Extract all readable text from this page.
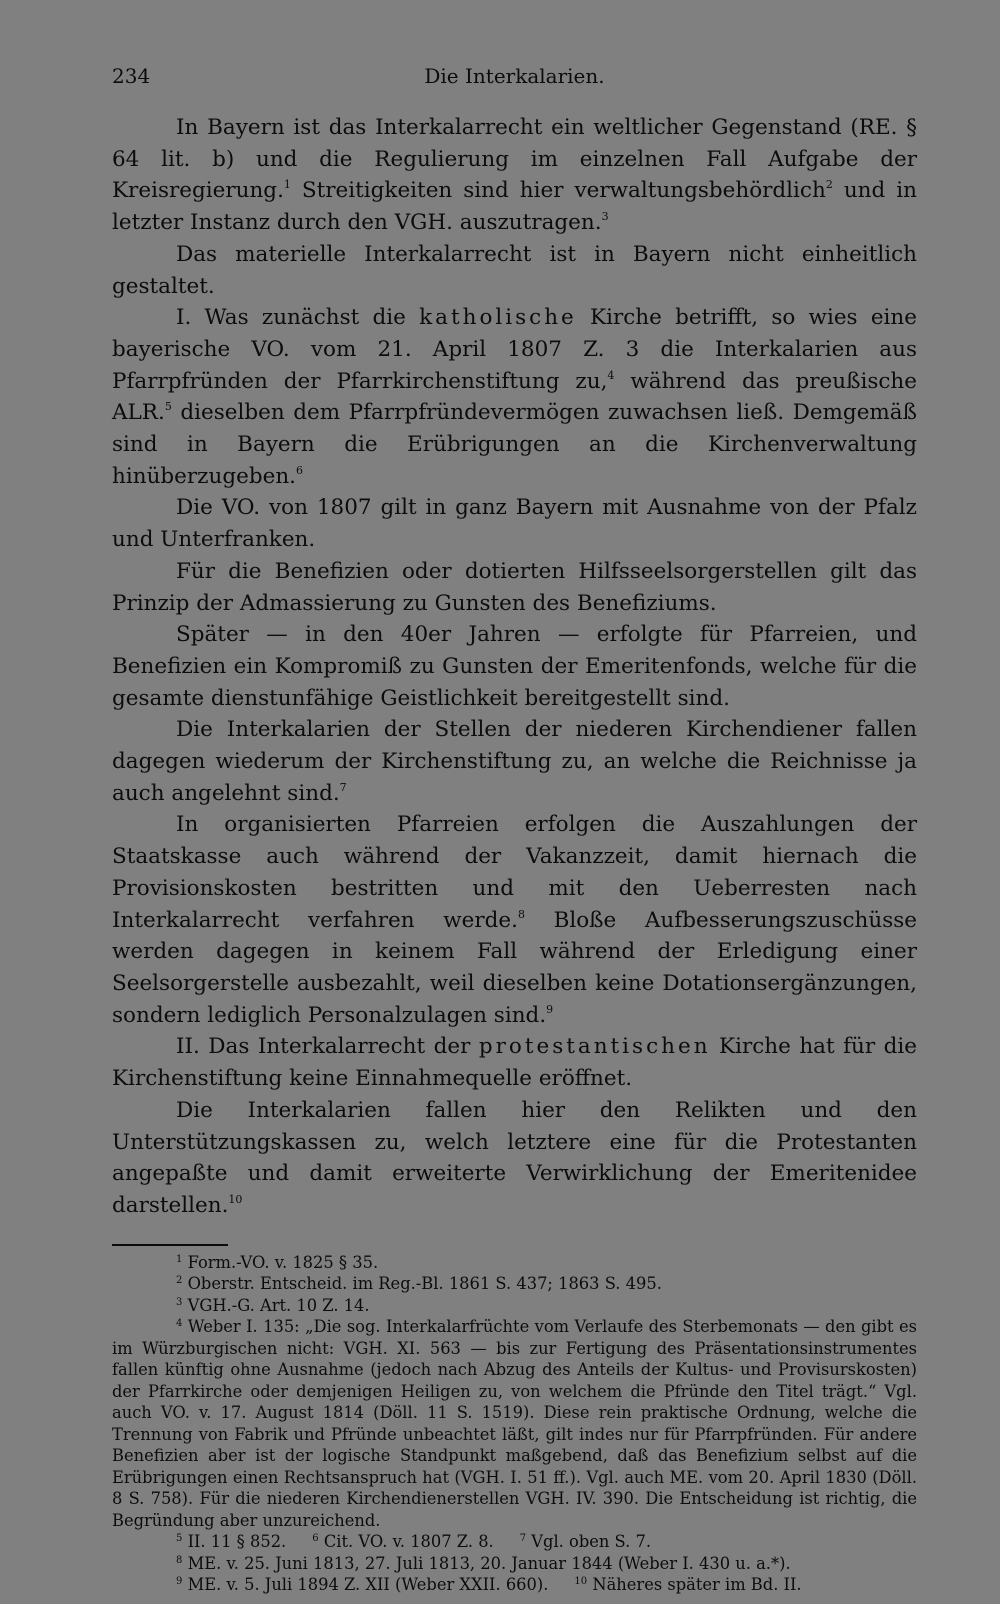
234	Die Interkalarien.

In Bayern ist das Interkalarrecht ein weltlicher Gegenstand (RE. § 64 lit. b) und die Regulierung im einzelnen Fall Aufgabe der Kreisregierung.$^1$ Streitigkeiten sind hier verwaltungsbehördlich$^2$ und in letzter Instanz durch den VGH. auszutragen.$^3$

Das materielle Interkalarrecht ist in Bayern nicht einheitlich gestaltet.

I. Was zunächst die katholische Kirche betrifft, so wies eine bayerische VO. vom 21. April 1807 Z. 3 die Interkalarien aus Pfarrpfründen der Pfarrkirchenstiftung zu,$^4$ während das preußische ALR.$^5$ dieselben dem Pfarrpfründevermögen zuwachsen ließ. Demgemäß sind in Bayern die Erübrigungen an die Kirchenverwaltung hinüberzugeben.$^6$

Die VO. von 1807 gilt in ganz Bayern mit Ausnahme von der Pfalz und Unterfranken.

Für die Benefizien oder dotierten Hilfsseelsorgerstellen gilt das Prinzip der Admassierung zu Gunsten des Benefiziums.

Später — in den 40er Jahren — erfolgte für Pfarreien, und Benefizien ein Kompromiß zu Gunsten der Emeritenfonds, welche für die gesamte dienstunfähige Geistlichkeit bereitgestellt sind.

Die Interkalarien der Stellen der niederen Kirchendiener fallen dagegen wiederum der Kirchenstiftung zu, an welche die Reichnisse ja auch angelehnt sind.$^7$

In organisierten Pfarreien erfolgen die Auszahlungen der Staatskasse auch während der Vakanzzeit, damit hiernach die Provisionskosten bestritten und mit den Ueberresten nach Interkalarrecht verfahren werde.$^8$ Bloße Aufbesserungszuschüsse werden dagegen in keinem Fall während der Erledigung einer Seelsorgerstelle ausbezahlt, weil dieselben keine Dotationsergänzungen, sondern lediglich Personalzulagen sind.$^9$

II. Das Interkalarrecht der protestantischen Kirche hat für die Kirchenstiftung keine Einnahmequelle eröffnet.

Die Interkalarien fallen hier den Relikten und den Unterstützungskassen zu, welch letztere eine für die Protestanten angepaßte und damit erweiterte Verwirklichung der Emeritenidee darstellen.$^{10}$

$^1$ Form.-VO. v. 1825 § 35.

$^2$ Oberstr. Entscheid. im Reg.-Bl. 1861 S. 437; 1863 S. 495.

$^3$ VGH.-G. Art. 10 Z. 14.

$^4$ Weber I. 135: „Die sog. Interkalarfrüchte vom Verlaufe des Sterbemonats — den gibt es im Würzburgischen nicht: VGH. XI. 563 — bis zur Fertigung des Präsentationsinstrumentes fallen künftig ohne Ausnahme (jedoch nach Abzug des Anteils der Kultus- und Provisurskosten) der Pfarrkirche oder demjenigen Heiligen zu, von welchem die Pfründe den Titel trägt.“ Vgl. auch VO. v. 17. August 1814 (Döll. 11 S. 1519). Diese rein praktische Ordnung, welche die Trennung von Fabrik und Pfründe unbeachtet läßt, gilt indes nur für Pfarrpfründen. Für andere Benefizien aber ist der logische Standpunkt maßgebend, daß das Benefizium selbst auf die Erübrigungen einen Rechtsanspruch hat (VGH. I. 51 ff.). Vgl. auch ME. vom 20. April 1830 (Döll. 8 S. 758). Für die niederen Kirchendienerstellen VGH. IV. 390. Die Entscheidung ist richtig, die Begründung aber unzureichend.

$^5$ II. 11 § 852.	$^6$ Cit. VO. v. 1807 Z. 8.	$^7$ Vgl. oben S. 7.

$^8$ ME. v. 25. Juni 1813, 27. Juli 1813, 20. Januar 1844 (Weber I. 430 u. a.*).

$^9$ ME. v. 5. Juli 1894 Z. XII (Weber XXII. 660).	$^{10}$ Näheres später im Bd. II.
